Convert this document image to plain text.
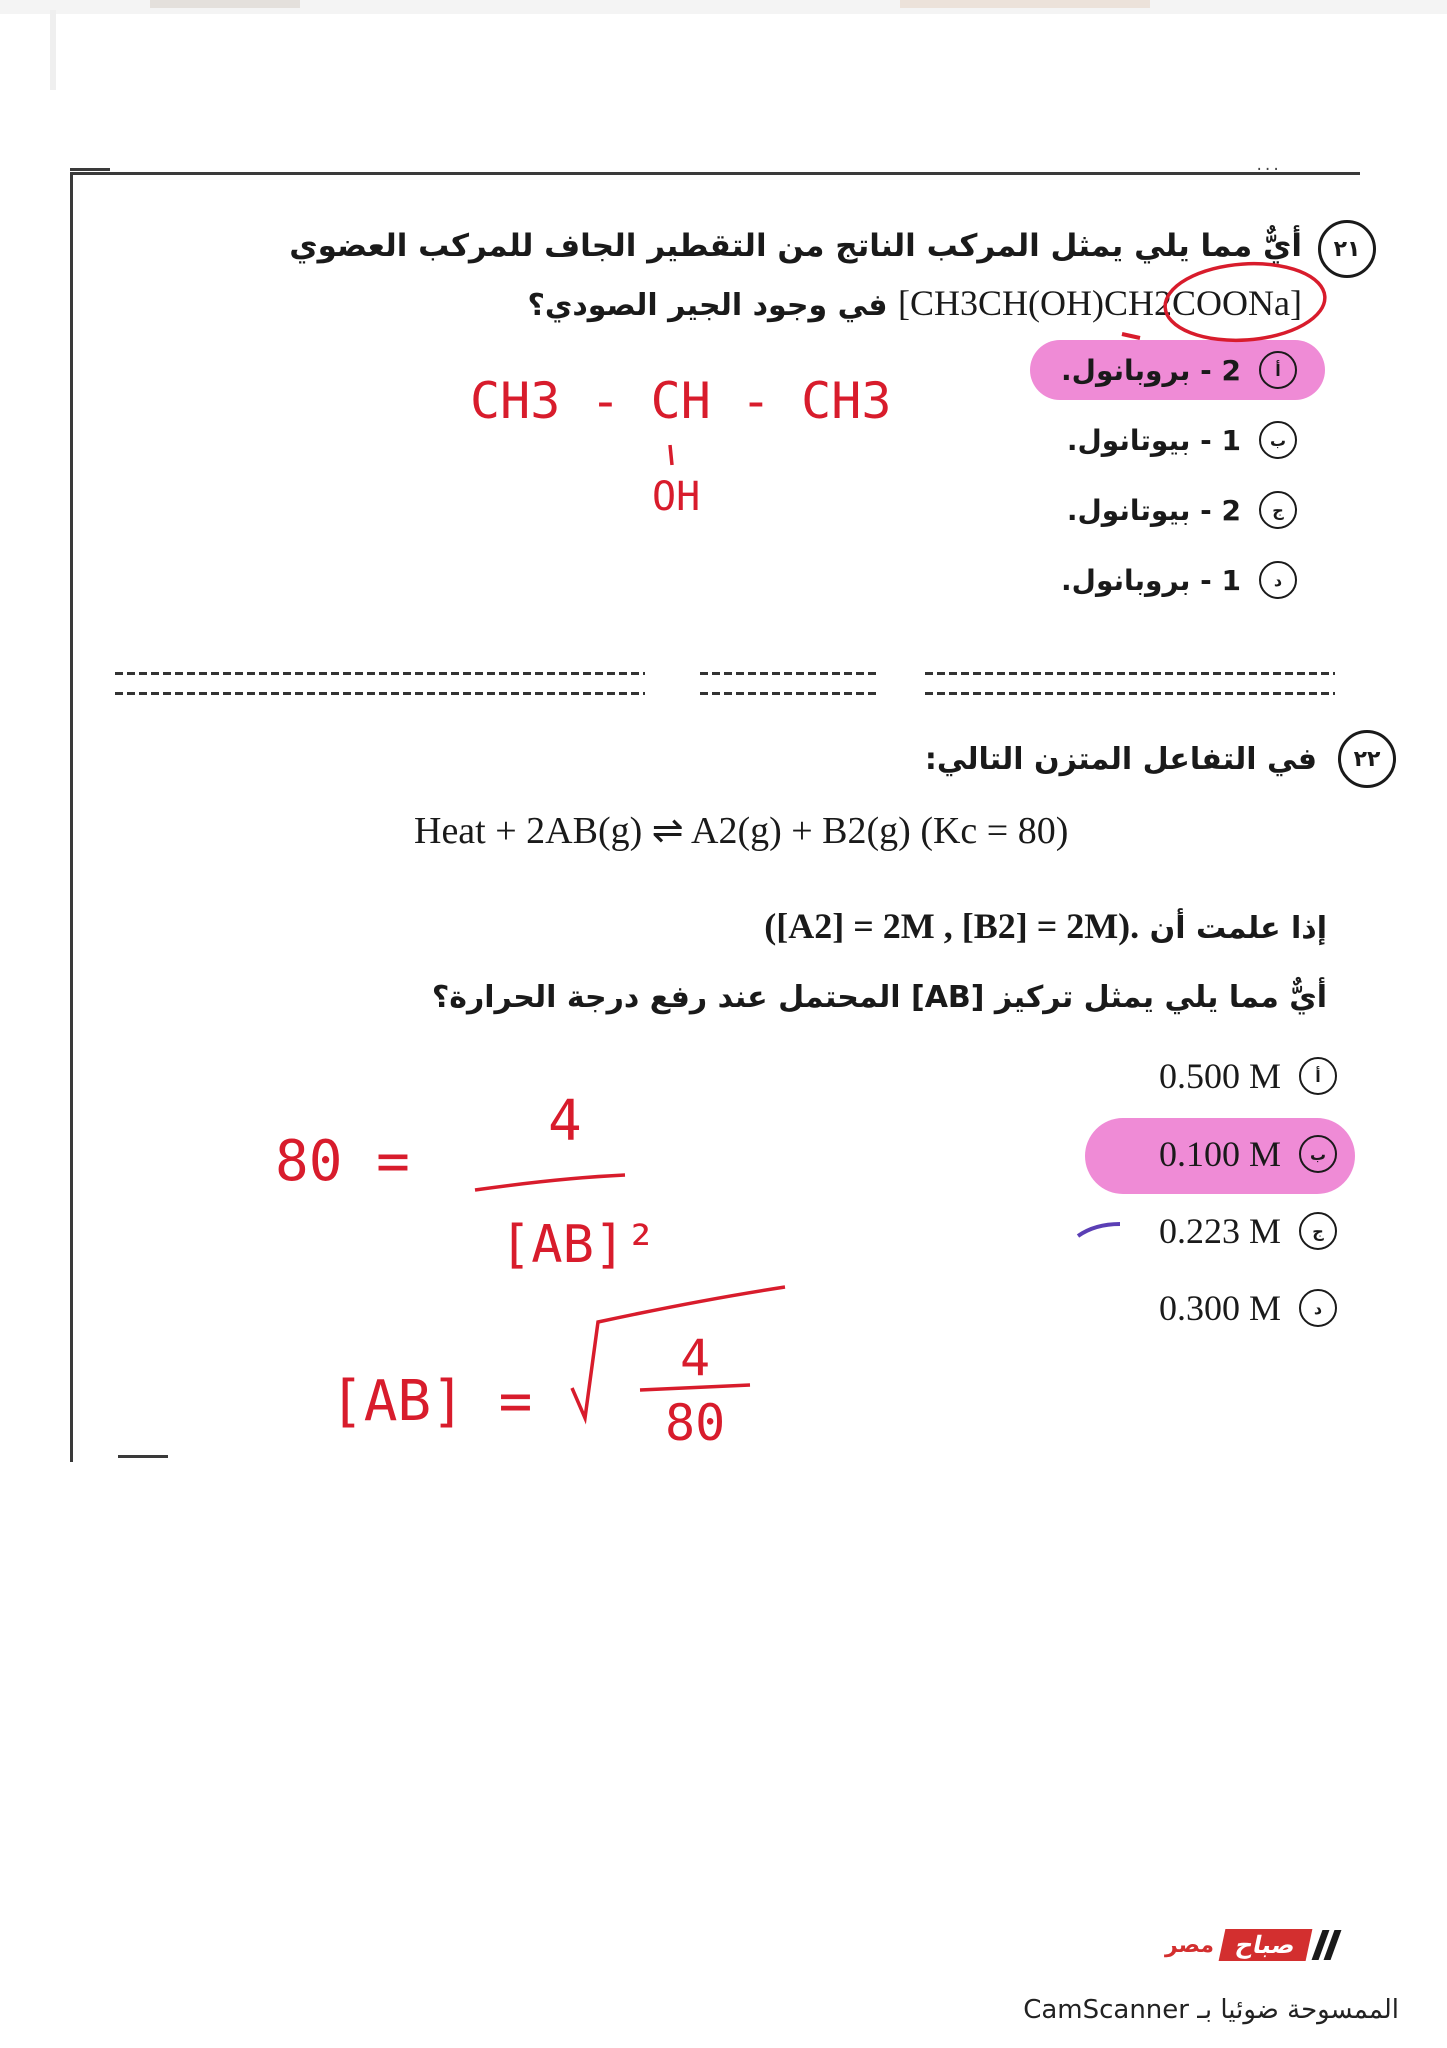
٢١
أيٌّ مما يلي يمثل المركب الناتج من التقطير الجاف للمركب العضوي
[CH3CH(OH)CH2COONa] في وجود الجير الصودي؟
أ
2 - بروبانول.
ب
1 - بيوتانول.
ج
2 - بيوتانول.
د
1 - بروبانول.
٢٢
في التفاعل المتزن التالي:
Heat + 2AB(g) ⇌ A2(g) + B2(g) (Kc = 80)
إذا علمت أن ([A2] = 2M , [B2] = 2M).
أيٌّ مما يلي يمثل تركيز [AB] المحتمل عند رفع درجة الحرارة؟
أ
0.500 M
ب
0.100 M
ج
0.223 M
د
0.300 M
CH3 - CH - CH3
OH
80 =
4
[AB]²
[AB] =
4
80
مصر صباح
الممسوحة ضوئيا بـ CamScanner
...
